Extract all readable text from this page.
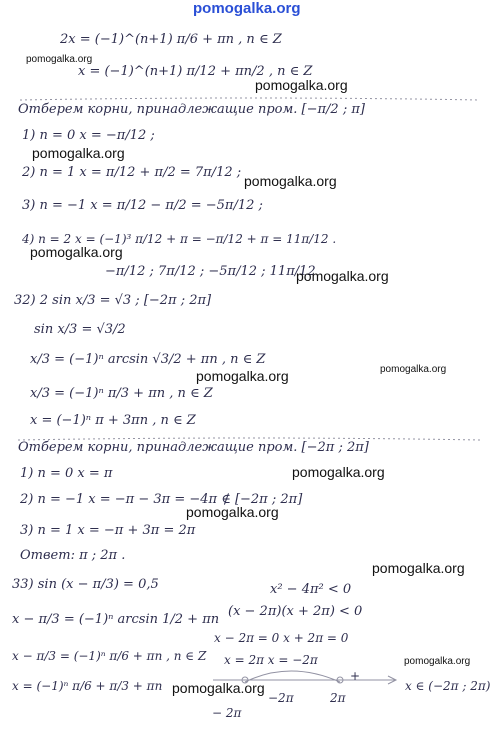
pomogalka.org
2x = (−1)^(n+1) π/6 + πn , n ∈ Z
x = (−1)^(n+1) π/12 + πn/2 , n ∈ Z
Отберем корни, принадлежащие пром. [−π/2 ; π]
1) n = 0 x = −π/12 ;
2) n = 1 x = π/12 + π/2 = 7π/12 ;
3) n = −1 x = π/12 − π/2 = −5π/12 ;
4) n = 2 x = (−1)³ π/12 + π = −π/12 + π = 11π/12 .
−π/12 ; 7π/12 ; −5π/12 ; 11π/12
32) 2 sin x/3 = √3 ; [−2π ; 2π]
sin x/3 = √3/2
x/3 = (−1)ⁿ arcsin √3/2 + πn , n ∈ Z
x/3 = (−1)ⁿ π/3 + πn , n ∈ Z
x = (−1)ⁿ π + 3πn , n ∈ Z
Отберем корни, принадлежащие пром. [−2π ; 2π]
1) n = 0 x = π
2) n = −1 x = −π − 3π = −4π ∉ [−2π ; 2π]
3) n = 1 x = −π + 3π = 2π
Ответ: π ; 2π .
33) sin (x − π/3) = 0,5
x − π/3 = (−1)ⁿ arcsin 1/2 + πn
x − π/3 = (−1)ⁿ π/6 + πn , n ∈ Z
x = (−1)ⁿ π/6 + π/3 + πn
x² − 4π² < 0
(x − 2π)(x + 2π) < 0
x − 2π = 0 x + 2π = 0
x = 2π x = −2π
x ∈ (−2π ; 2π)
−2π	2π
+
− 2π
pomogalka.org
pomogalka.org
pomogalka.org
pomogalka.org
pomogalka.org
pomogalka.org
pomogalka.org	pomogalka.org
pomogalka.org
pomogalka.org
pomogalka.org
pomogalka.org
pomogalka.org
